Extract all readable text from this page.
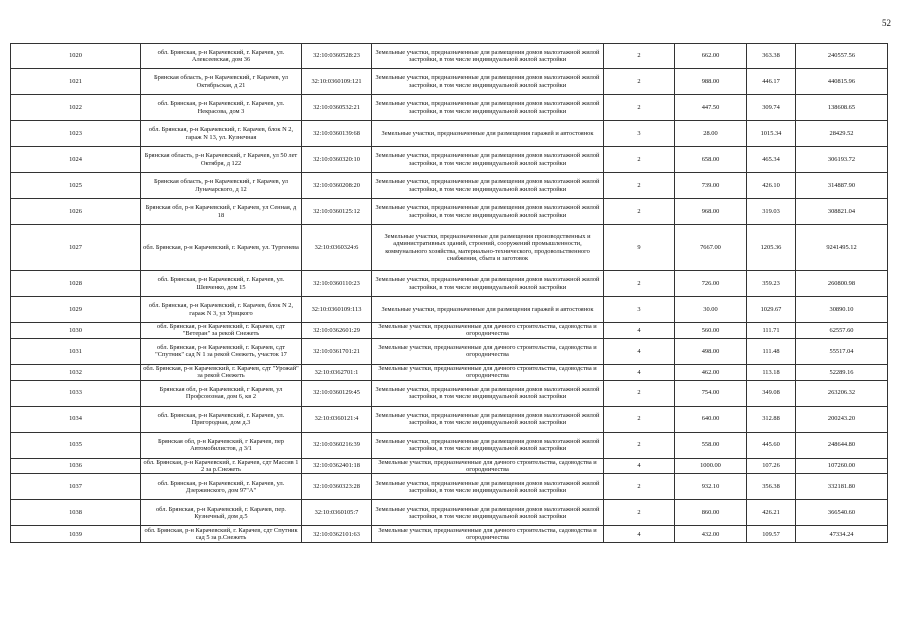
52
1020	обл. Брянская, р-н Карачевский, г. Карачев, ул. Алексеевская, дом 36	32:10:0360528:23	Земельные участки, предназначенные для размещения домов малоэтажной жилой застройки, в том числе индивидуальной жилой застройки	2	662.00	363.38	240557.56
1021	Брянская область, р-н Карачевский, г Карачев, ул Октябрьская, д 21	32:10:0360109:121	Земельные участки, предназначенные для размещения домов малоэтажной жилой застройки, в том числе индивидуальной жилой застройки	2	988.00	446.17	440815.96
1022	обл. Брянская, р-н Карачевский, г. Карачев, ул. Некрасова, дом 3	32:10:0360532:21	Земельные участки, предназначенные для размещения домов малоэтажной жилой застройки, в том числе индивидуальной жилой застройки	2	447.50	309.74	138608.65
1023	обл. Брянская, р-н Карачевский, г. Карачев, блок N 2, гараж N 13, ул. Кузнечная	32:10:0360139:68	Земельные участки, предназначенные для размещения гаражей и автостоянок	3	28.00	1015.34	28429.52
1024	Брянская область, р-н Карачевский, г Карачев, ул 50 лет Октября, д 122	32:10:0360320:10	Земельные участки, предназначенные для размещения домов малоэтажной жилой застройки, в том числе индивидуальной жилой застройки	2	658.00	465.34	306193.72
1025	Брянская область, р-н Карачевский, г Карачев, ул Луначарского, д 12	32:10:0360208:20	Земельные участки, предназначенные для размещения домов малоэтажной жилой застройки, в том числе индивидуальной жилой застройки	2	739.00	426.10	314887.90
1026	Брянская обл, р-н Карачевский, г Карачев, ул Сенная, д 18	32:10:0360125:12	Земельные участки, предназначенные для размещения домов малоэтажной жилой застройки, в том числе индивидуальной жилой застройки	2	968.00	319.03	308821.04
1027	обл. Брянская, р-н Карачевский, г. Карачев, ул. Тургенева	32:10:0360324:6	Земельные участки, предназначенные для размещения производственных и административных зданий, строений, сооружений промышленности, коммунального хозяйства, материально-технического, продовольственного снабжения, сбыта и заготовок	9	7667.00	1205.36	9241495.12
1028	обл. Брянская, р-н Карачевский, г. Карачев, ул. Шевченко, дом 15	32:10:0360110:23	Земельные участки, предназначенные для размещения домов малоэтажной жилой застройки, в том числе индивидуальной жилой застройки	2	726.00	359.23	260800.98
1029	обл. Брянская, р-н Карачевский, г. Карачев, блок N 2, гараж N 3, ул Урицкого	32:10:0360109:113	Земельные участки, предназначенные для размещения гаражей и автостоянок	3	30.00	1029.67	30890.10
1030	обл. Брянская, р-н Карачевский, г. Карачев, сдт "Ветеран" за рекой Снежеть	32:10:0362601:29	Земельные участки, предназначенные для дачного строительства, садоводства и огородничества	4	560.00	111.71	62557.60
1031	обл. Брянская, р-н Карачевский, г. Карачев, сдт "Спутник" сад N 1 за рекой Снежеть, участок 17	32:10:0361701:21	Земельные участки, предназначенные для дачного строительства, садоводства и огородничества	4	498.00	111.48	55517.04
1032	обл. Брянская, р-н Карачевский, г. Карачев, сдт "Урожай" за рекой Снежеть	32:10:0362701:1	Земельные участки, предназначенные для дачного строительства, садоводства и огородничества	4	462.00	113.18	52289.16
1033	Брянская обл, р-н Карачевский, г Карачев, ул Профсоюзная, дом 6, кв 2	32:10:0360129:45	Земельные участки, предназначенные для размещения домов малоэтажной жилой застройки, в том числе индивидуальной жилой застройки	2	754.00	349.08	263206.32
1034	обл. Брянская, р-н Карачевский, г. Карачев, ул. Пригородная, дом д.3	32:10:0360121:4	Земельные участки, предназначенные для размещения домов малоэтажной жилой застройки, в том числе индивидуальной жилой застройки	2	640.00	312.88	200243.20
1035	Брянская обл, р-н Карачевский, г Карачев, пер Автомобилистов, д 3/1	32:10:0360216:39	Земельные участки, предназначенные для размещения домов малоэтажной жилой застройки, в том числе индивидуальной жилой застройки	2	558.00	445.60	248644.80
1036	обл. Брянская, р-н Карачевский, г. Карачев, сдт Массив 1 2 за р.Снежеть	32:10:0362401:18	Земельные участки, предназначенные для дачного строительства, садоводства и огородничества	4	1000.00	107.26	107260.00
1037	обл. Брянская, р-н Карачевский, г. Карачев, ул. Дзержинского, дом 97"А"	32:10:0360323:28	Земельные участки, предназначенные для размещения домов малоэтажной жилой застройки, в том числе индивидуальной жилой застройки	2	932.10	356.38	332181.80
1038	обл. Брянская, р-н Карачевский, г. Карачев, пер. Кузнечный, дом д.5	32:10:0360105:7	Земельные участки, предназначенные для размещения домов малоэтажной жилой застройки, в том числе индивидуальной жилой застройки	2	860.00	426.21	366540.60
1039	обл. Брянская, р-н Карачевский, г. Карачев, сдт Спутник сад 5 за р.Снежеть	32:10:0362101:63	Земельные участки, предназначенные для дачного строительства, садоводства и огородничества	4	432.00	109.57	47334.24
